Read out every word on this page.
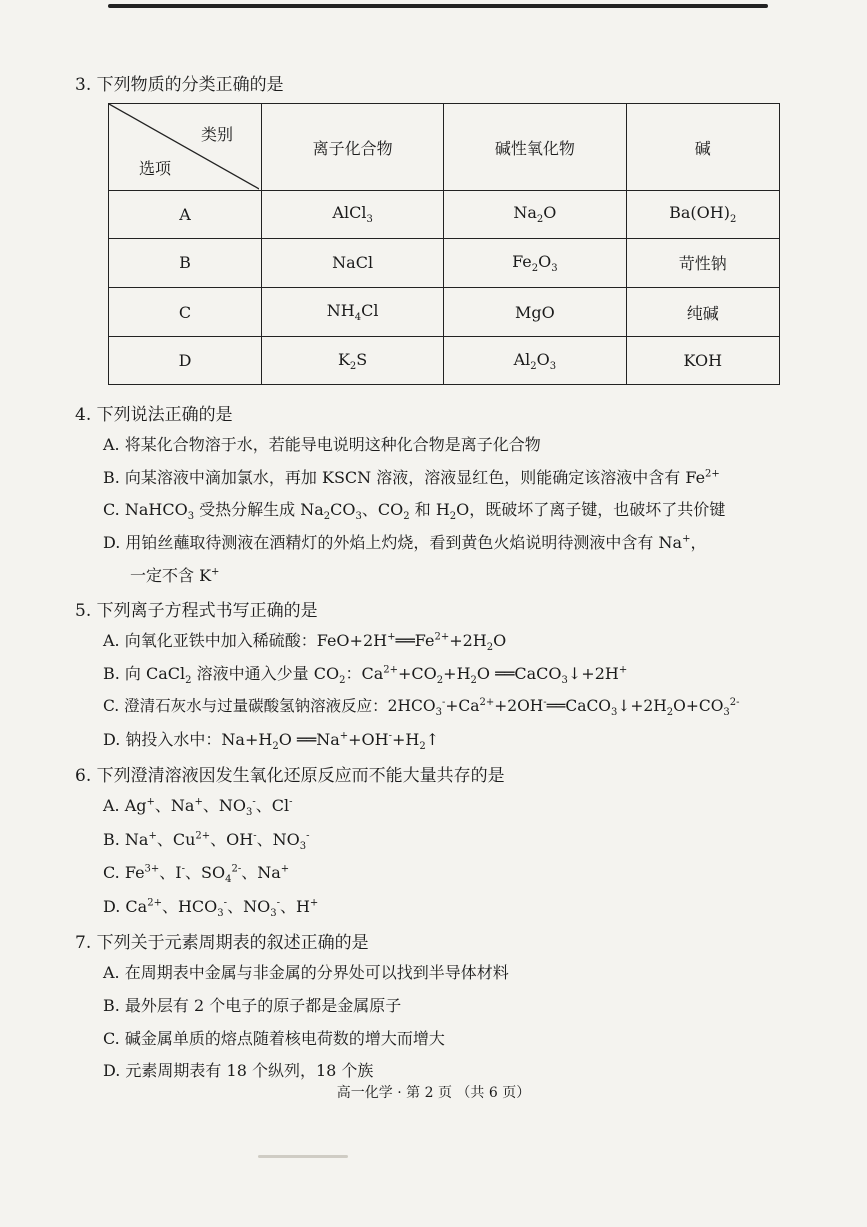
3. 下列物质的分类正确的是
类别
选项	离子化合物	碱性氧化物	碱
A	AlCl$_3$	$Na_2O$	$Ba(OH)_2$
B	NaCl	$Fe_2O_3$	苛性钠
C	$NH_4Cl$	MgO	纯碱
D	$K_2S$	$Al_2O_3$	KOH
4. 下列说法正确的是
A. 将某化合物溶于水，若能导电说明这种化合物是离子化合物
B. 向某溶液中滴加氯水，再加 KSCN 溶液，溶液显红色，则能确定该溶液中含有 $Fe^{2+}$
C. NaHCO$_3$ 受热分解生成 $Na_2CO_3$、$CO_2$ 和 $H_2O$，既破坏了离子键，也破坏了共价键
D. 用铂丝蘸取待测液在酒精灯的外焰上灼烧，看到黄色火焰说明待测液中含有 Na+，
一定不含 K+
5. 下列离子方程式书写正确的是
A. 向氧化亚铁中加入稀硫酸：$FeO+2H^+══Fe^{2+}+2H_2O$
B. 向 CaCl$_2$ 溶液中通入少量 $CO_2$：$Ca^{2+}+CO_2+H_2O$ ══CaCO$_3$↓+2H+
C. 澄清石灰水与过量碳酸氢钠溶液反应：$2HCO_3^-+Ca^{2+}+2OH^-══CaCO_3↓+2H_2O+CO_3^{2-}$
D. 钠投入水中：$Na+H_2O$ $══Na^++OH^-+H_2↑$
6. 下列澄清溶液因发生氧化还原反应而不能大量共存的是
A. Ag+、Na+、$NO_3^-$、Cl-
B. Na+、$Cu^{2+}$、OH-、$NO_3^-$
C. $Fe^{3+}$、I-、$SO_4^{2-}$、Na+
D. $Ca^{2+}$、$HCO_3^-$、$NO_3^-$、H+
7. 下列关于元素周期表的叙述正确的是
A. 在周期表中金属与非金属的分界处可以找到半导体材料
B. 最外层有 2 个电子的原子都是金属原子
C. 碱金属单质的熔点随着核电荷数的增大而增大
D. 元素周期表有 18 个纵列，18 个族
高一化学 · 第 2 页 （共 6 页）
